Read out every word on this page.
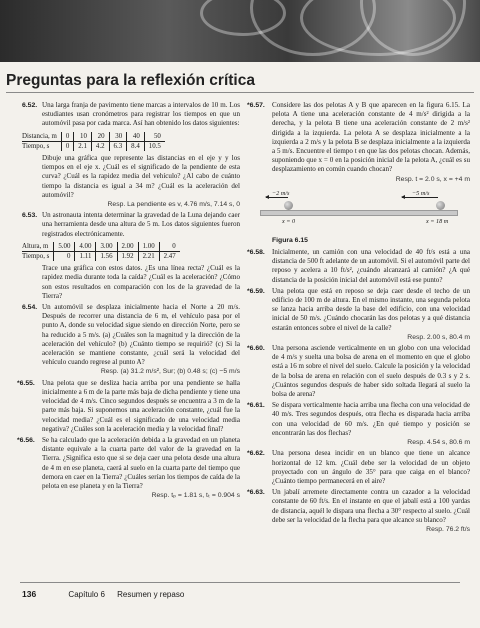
Preguntas para la reflexión crítica
6.52. Una larga franja de pavimento tiene marcas a intervalos de 10 m. Los estudiantes usan cronómetros para registrar los tiempos en que un automóvil pasa por cada marca. Así han obtenido los datos siguientes:
Distancia, m	0	10	20	30	40	50
Tiempo, s	0	2.1	4.2	6.3	8.4	10.5
Dibuje una gráfica que represente las distancias en el eje y y los tiempos en el eje x. ¿Cuál es el significado de la pendiente de esta curva? ¿Cuál es la rapidez media del vehículo? ¿Al cabo de cuánto tiempo la distancia es igual a 34 m? ¿Cuál es la aceleración del automóvil?
Resp. La pendiente es v, 4.76 m/s, 7.14 s, 0
6.53. Un astronauta intenta determinar la gravedad de la Luna dejando caer una herramienta desde una altura de 5 m. Los datos siguientes fueron registrados electrónicamente.
Altura, m	5.00	4.00	3.00	2.00	1.00	0
Tiempo, s	0	1.11	1.56	1.92	2.21	2.47
Trace una gráfica con estos datos. ¿Es una línea recta? ¿Cuál es la rapidez media durante toda la caída? ¿Cuál es la aceleración? ¿Cómo son estos resultados en comparación con los de la gravedad de la Tierra?
6.54. Un automóvil se desplaza inicialmente hacia el Norte a 20 m/s. Después de recorrer una distancia de 6 m, el vehículo pasa por el punto A, donde su velocidad sigue siendo en dirección Norte, pero se ha reducido a 5 m/s. (a) ¿Cuáles son la magnitud y la dirección de la aceleración del vehículo? (b) ¿Cuánto tiempo se requirió? (c) Si la aceleración se mantiene constante, ¿cuál será la velocidad del vehículo cuando regrese al punto A?
Resp. (a) 31.2 m/s², Sur; (b) 0.48 s; (c) −5 m/s
*6.55. Una pelota que se desliza hacia arriba por una pendiente se halla inicialmente a 6 m de la parte más baja de dicha pendiente y tiene una velocidad de 4 m/s. Cinco segundos después se encuentra a 3 m de la parte más baja. Si suponemos una aceleración constante, ¿cuál fue la velocidad media? ¿Cuál es el significado de una velocidad media negativa? ¿Cuáles son la aceleración media y la velocidad final?
*6.56. Se ha calculado que la aceleración debida a la gravedad en un planeta distante equivale a la cuarta parte del valor de la gravedad en la Tierra. ¿Significa esto que si se deja caer una pelota desde una altura de 4 m en ese planeta, caerá al suelo en la cuarta parte del tiempo que demora en caer en la Tierra? ¿Cuáles serían los tiempos de caída de la pelota en ese planeta y en la Tierra?
Resp. tₚ = 1.81 s, tₜ = 0.904 s
*6.57. Considere las dos pelotas A y B que aparecen en la figura 6.15. La pelota A tiene una aceleración constante de 4 m/s² dirigida a la derecha, y la pelota B tiene una aceleración constante de 2 m/s² dirigida a la izquierda. La pelota A se desplaza inicialmente a la izquierda a 2 m/s y la pelota B se desplaza inicialmente a la izquierda a 5 m/s. Encuentre el tiempo t en que las dos pelotas chocan. Además, suponiendo que x = 0 en la posición inicial de la pelota A, ¿cuál es su desplazamiento en común cuando chocan?
Resp. t = 2.0 s, x = +4 m
−2 m/s	−5 m/s
x = 0	x = 18 m
Figura 6.15
*6.58. Inicialmente, un camión con una velocidad de 40 ft/s está a una distancia de 500 ft adelante de un automóvil. Si el automóvil parte del reposo y acelera a 10 ft/s², ¿cuándo alcanzará al camión? ¿A qué distancia de la posición inicial del automóvil está ese punto?
*6.59. Una pelota que está en reposo se deja caer desde el techo de un edificio de 100 m de altura. En el mismo instante, una segunda pelota se lanza hacia arriba desde la base del edificio, con una velocidad inicial de 50 m/s. ¿Cuándo chocarán las dos pelotas y a qué distancia estarán entonces sobre el nivel de la calle?
Resp. 2.00 s, 80.4 m
*6.60. Una persona asciende verticalmente en un globo con una velocidad de 4 m/s y suelta una bolsa de arena en el momento en que el globo está a 16 m sobre el nivel del suelo. Calcule la posición y la velocidad de la bolsa de arena en relación con el suelo después de 0.3 s y 2 s. ¿Cuántos segundos después de haber sido soltada llegará al suelo la bolsa de arena?
*6.61. Se dispara verticalmente hacia arriba una flecha con una velocidad de 40 m/s. Tres segundos después, otra flecha es disparada hacia arriba con una velocidad de 60 m/s. ¿En qué tiempo y posición se encontrarán las dos flechas?
Resp. 4.54 s, 80.6 m
*6.62. Una persona desea incidir en un blanco que tiene un alcance horizontal de 12 km. ¿Cuál debe ser la velocidad de un objeto proyectado con un ángulo de 35° para que caiga en el blanco? ¿Cuánto tiempo permanecerá en el aire?
*6.63. Un jabalí arremete directamente contra un cazador a la velocidad constante de 60 ft/s. En el instante en que el jabalí está a 100 yardas de distancia, aquél le dispara una flecha a 30° respecto al suelo. ¿Cuál debe ser la velocidad de la flecha para que alcance su blanco?
Resp. 76.2 ft/s
136	Capítulo 6 Resumen y repaso
